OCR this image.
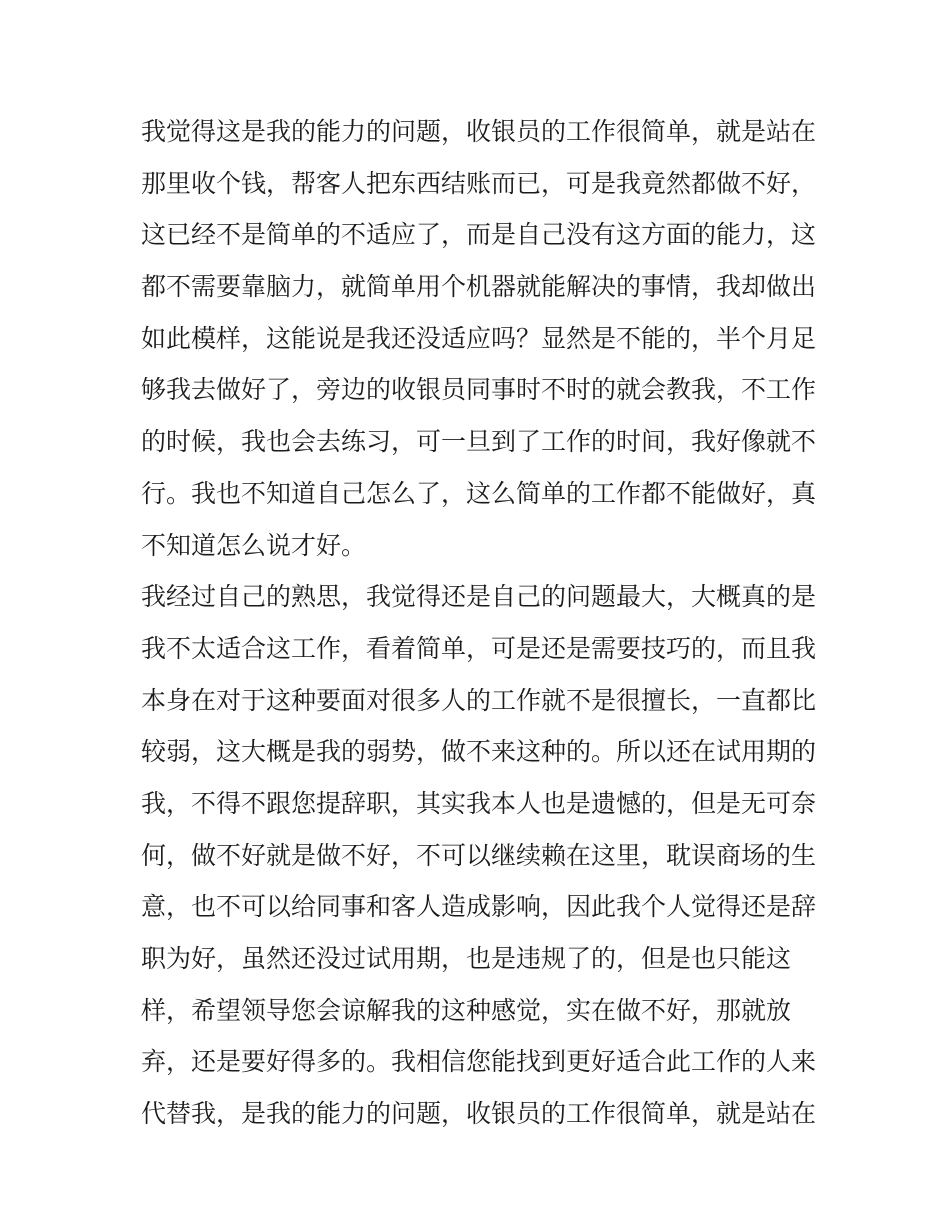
我觉得这是我的能力的问题，收银员的工作很简单，就是站在
那里收个钱，帮客人把东西结账而已，可是我竟然都做不好，
这已经不是简单的不适应了，而是自己没有这方面的能力，这
都不需要靠脑力，就简单用个机器就能解决的事情，我却做出
如此模样，这能说是我还没适应吗？显然是不能的，半个月足
够我去做好了，旁边的收银员同事时不时的就会教我，不工作
的时候，我也会去练习，可一旦到了工作的时间，我好像就不
行。我也不知道自己怎么了，这么简单的工作都不能做好，真
不知道怎么说才好。
我经过自己的熟思，我觉得还是自己的问题最大，大概真的是
我不太适合这工作，看着简单，可是还是需要技巧的，而且我
本身在对于这种要面对很多人的工作就不是很擅长，一直都比
较弱，这大概是我的弱势，做不来这种的。所以还在试用期的
我，不得不跟您提辞职，其实我本人也是遗憾的，但是无可奈
何，做不好就是做不好，不可以继续赖在这里，耽误商场的生
意，也不可以给同事和客人造成影响，因此我个人觉得还是辞
职为好，虽然还没过试用期，也是违规了的，但是也只能这
样，希望领导您会谅解我的这种感觉，实在做不好，那就放
弃，还是要好得多的。我相信您能找到更好适合此工作的人来
代替我，是我的能力的问题，收银员的工作很简单，就是站在
